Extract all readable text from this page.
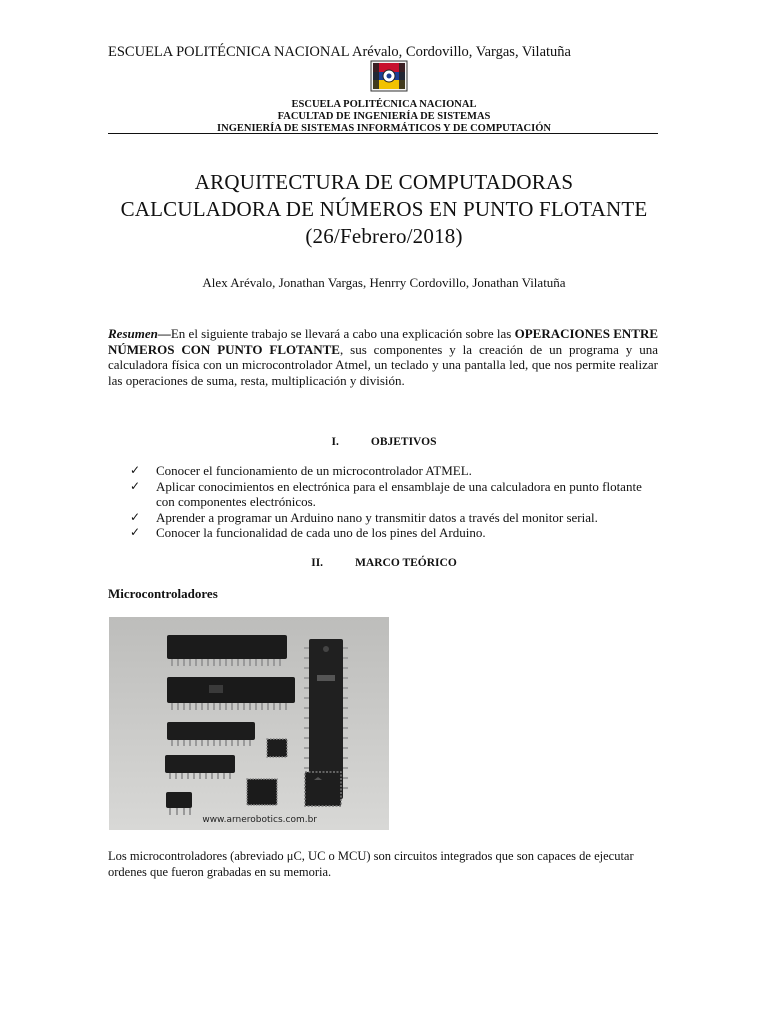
ESCUELA POLITÉCNICA NACIONAL Arévalo, Cordovillo, Vargas, Vilatuña
ESCUELA POLITÉCNICA NACIONAL
FACULTAD DE INGENIERÍA DE SISTEMAS
INGENIERÍA DE SISTEMAS INFORMÁTICOS Y DE COMPUTACIÓN
ARQUITECTURA DE COMPUTADORAS
CALCULADORA DE NÚMEROS EN PUNTO FLOTANTE
(26/Febrero/2018)
Alex Arévalo, Jonathan Vargas, Henrry Cordovillo, Jonathan Vilatuña
Resumen—En el siguiente trabajo se llevará a cabo una explicación sobre las OPERACIONES ENTRE NÚMEROS CON PUNTO FLOTANTE, sus componentes y la creación de un programa y una calculadora física con un microcontrolador Atmel, un teclado y una pantalla led, que nos permite realizar las operaciones de suma, resta, multiplicación y división.
I.	OBJETIVOS
✓ Conocer el funcionamiento de un microcontrolador ATMEL.
✓ Aplicar conocimientos en electrónica para el ensamblaje de una calculadora en punto flotante con componentes electrónicos.
✓ Aprender a programar un Arduino nano y transmitir datos a través del monitor serial.
✓ Conocer la funcionalidad de cada uno de los pines del Arduino.
II.	MARCO TEÓRICO
Microcontroladores
www.arnerobotics.com.br
Los microcontroladores (abreviado μC, UC o MCU) son circuitos integrados que son capaces de ejecutar ordenes que fueron grabadas en su memoria.
